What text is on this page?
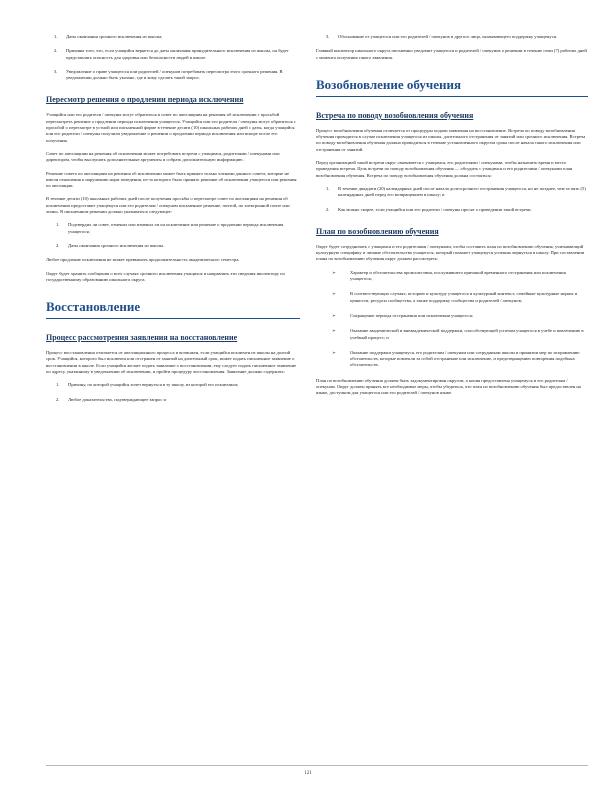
1. Даты окончания срочного исключения из школы;
2. Причины того, что, если учащийся вернется до даты окончания принудительного исключения из школы, он будет представлять опасность для здоровья или безопасности людей в школе.
3. Уведомление о праве учащегося или родителей / опекунов потребовать пересмотра этого срочного решения. В уведомлении должно быть указано, где и кому сделать такой запрос.
Пересмотр решения о продлении периода исключения

Учащийся или его родители / опекуны могут обратиться в совет по апелляциям на решения об исключении с просьбой пересмотреть решение о продлении периода исключения учащегося. Учащийся или его родители / опекуны могут обратиться с просьбой о пересмотре в устной или письменной форме в течение десяти (10) школьных рабочих дней с даты, когда учащийся или его родители / опекуны получили уведомление о решении о продлении периода исключения или вскоре после его получения.

Совет по апелляциям на решения об исключении может потребовать встречи с учащимся, родителями / опекунами или директором, чтобы выслушать дополнительные аргументы и собрать дополнительную информацию.

Решение совета по апелляциям на решения об исключении может быть принято только членами данного совета, которые не имели отношения к нарушению норм поведения, из-за которого было принято решение об исключении учащегося или решения по апелляции.

В течение десяти (10) школьных рабочих дней после получения просьбы о пересмотре совет по апелляциям на решения об исключении предоставит учащемуся или его родителям / опекунам письменное решение, почтой, по электронной почте или лично. В письменном решении должно указываться следующее:

1. Подтвердил ли совет, отменил или изменил ли он исключение или решение о продлении периода исключения учащегося;
2. Даты окончания срочного исключения из школы.

Любое продление исключения не может превышать продолжительность академического семестра.

Округ будет хранить сообщения о всех случаях срочного исключения учащихся и направлять эти сведения инспектору по государственному образованию школьного округа.

Восстановление
Процесс рассмотрения заявления на восстановление

Процесс восстановления отличается от апелляционного процесса и возможен, если учащийся исключен из школы на долгий срок. Учащийся, которого был исключен или отстранен от занятий на длительный срок, может подать письменное заявление о восстановлении в школе. Если учащийся желает подать заявление о восстановлении, ему следует подать письменное заявление по адресу, указанному в уведомлении об исключении, и пройти процедуру восстановления. Заявление должно содержать:

1. Причину, по которой учащийся хочет вернуться в ту школу, из которой его исключили;
2. Любое доказательство, подтверждающее запрос и
3. Обоснование от учащегося или его родителей / опекунов и другого лица, оказывающего поддержку учащемуся.

Главный инспектор школьного округа письменно уведомит учащегося и родителей / опекунов о решении в течение семи (7) рабочих дней с момента получения такого заявления.

Возобновление обучения
Встреча по поводу возобновления обучения

Процесс возобновления обучения отличается от процедуры подачи заявления на восстановление. Встреча по поводу возобновления обучения проводится в случае исключения учащегося из школы, длительного отстранения от занятий или срочного исключения. Встреча по поводу возобновления обучения должна проводиться в течение установленного округом срока после начала такого исключения или отстранения от занятий.

Перед организацией такой встречи округ связывается с учащимся, его родителями / опекунами, чтобы назначить время и место проведения встречи. Цель встречи по поводу возобновления обучения — обсудить с учащимся и его родителями / опекунами план возобновления обучения. Встреча по поводу возобновления обучения должна состояться:

1. В течение двадцати (20) календарных дней после начала долгосрочного отстранения учащегося, но не позднее, чем за пять (5) календарных дней перед его возвращением в школу; и
2. Как можно скорее, если учащийся или его родители / опекуны просят о проведении такой встречи.
План по возобновлению обучения

Округ будет сотрудничать с учащимся и его родителями / опекунами, чтобы составить план по возобновлению обучения, учитывающий культурную специфику и личные обстоятельства учащегося, который поможет учащемуся успешно вернуться в школу. При составлении плана по возобновлению обучения округ должен рассмотреть:

➢	Характер и обстоятельства происшествия, послужившего причиной временного отстранения или исключения учащегося;
➢	В соответствующих случаях, историю и культуру учащегося и культурный контекст, семейные культурные нормы и ценности, ресурсы сообщества, а также поддержку сообщества и родителей / опекунов;
➢	Сокращение периода отстранения или исключения учащегося;
➢	Оказание академической и внеакадемической поддержки, способствующей успехам учащегося в учебе и вовлечению в учебный процесс; и
➢	Оказание поддержки учащемуся, его родителям / опекунам или сотрудникам школы в принятии мер по исправлению обстоятельств, которые повлекли за собой отстранение или исключение, и предотвращению повторения подобных обстоятельств.

План по возобновлению обучения должен быть задокументирован округом, а копия предоставлена учащемуся и его родителям / опекунам. Округ должен принять все необходимые меры, чтобы убедиться, что план по возобновлению обучения был предоставлен на языке, доступном для учащегося или его родителей / опекунов языке.

121
